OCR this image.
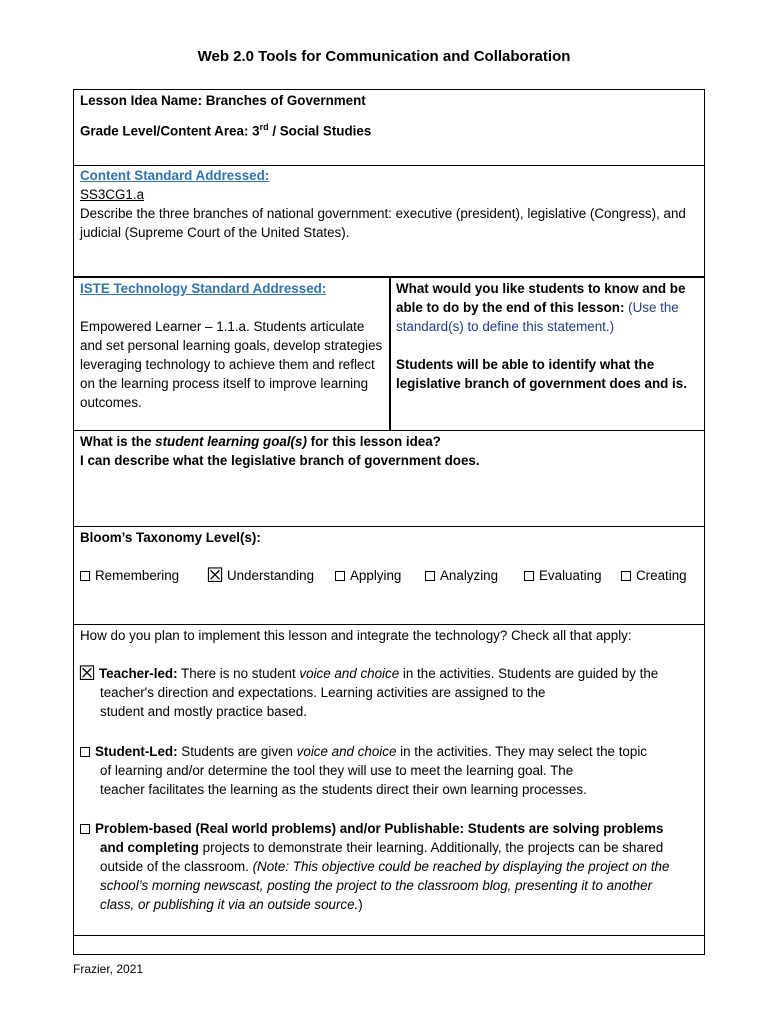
Web 2.0 Tools for Communication and Collaboration
Lesson Idea Name: Branches of Government
Grade Level/Content Area: 3rd / Social Studies
Content Standard Addressed:
SS3CG1.a
Describe the three branches of national government: executive (president), legislative (Congress), and judicial (Supreme Court of the United States).
ISTE Technology Standard Addressed:
Empowered Learner – 1.1.a. Students articulate and set personal learning goals, develop strategies leveraging technology to achieve them and reflect on the learning process itself to improve learning outcomes.
What would you like students to know and be able to do by the end of this lesson: (Use the standard(s) to define this statement.)
Students will be able to identify what the legislative branch of government does and is.
What is the student learning goal(s) for this lesson idea?
I can describe what the legislative branch of government does.
Bloom’s Taxonomy Level(s):
Remembering ☒ Understanding	Applying	Analyzing	Evaluating	Creating
How do you plan to implement this lesson and integrate the technology? Check all that apply:
☒ Teacher-led: There is no student voice and choice in the activities. Students are guided by the
teacher's direction and expectations. Learning activities are assigned to the
student and mostly practice based.
Student-Led: Students are given voice and choice in the activities. They may select the topic
of learning and/or determine the tool they will use to meet the learning goal. The
teacher facilitates the learning as the students direct their own learning processes.
Problem-based (Real world problems) and/or Publishable: Students are solving problems
and completing projects to demonstrate their learning. Additionally, the projects can be shared
outside of the classroom. (Note: This objective could be reached by displaying the project on the
school’s morning newscast, posting the project to the classroom blog, presenting it to another
class, or publishing it via an outside source.)
Frazier, 2021
